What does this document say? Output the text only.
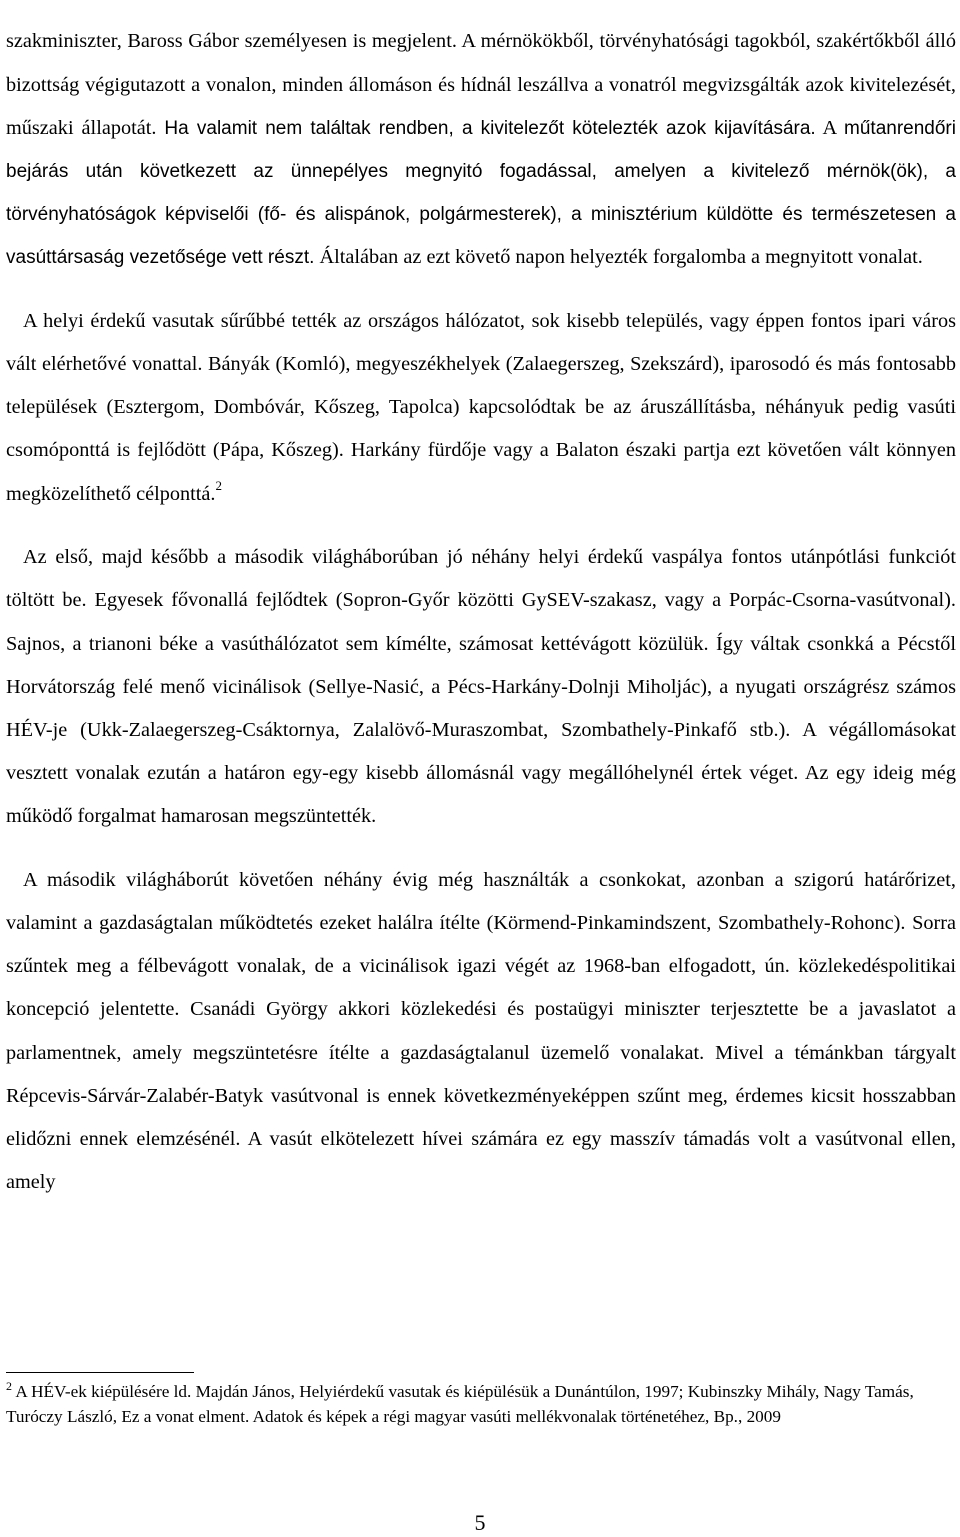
szakminiszter, Baross Gábor személyesen is megjelent. A mérnökökből, törvényhatósági tagokból, szakértőkből álló bizottság végigutazott a vonalon, minden állomáson és hídnál leszállva a vonatról megvizsgálták azok kivitelezését, műszaki állapotát. Ha valamit nem találtak rendben, a kivitelezőt kötelezték azok kijavítására. A műtanrendőri bejárás után következett az ünnepélyes megnyitó fogadással, amelyen a kivitelező mérnök(ök), a törvényhatóságok képviselői (fő- és alispánok, polgármesterek), a minisztérium küldötte és természetesen a vasúttársaság vezetősége vett részt. Általában az ezt követő napon helyezték forgalomba a megnyitott vonalat.

A helyi érdekű vasutak sűrűbbé tették az országos hálózatot, sok kisebb település, vagy éppen fontos ipari város vált elérhetővé vonattal. Bányák (Komló), megyeszékhelyek (Zalaegerszeg, Szekszárd), iparosodó és más fontosabb települések (Esztergom, Dombóvár, Kőszeg, Tapolca) kapcsolódtak be az áruszállításba, néhányuk pedig vasúti csomóponttá is fejlődött (Pápa, Kőszeg). Harkány fürdője vagy a Balaton északi partja ezt követően vált könnyen megközelíthető célponttá.$^2$

Az első, majd később a második világháborúban jó néhány helyi érdekű vaspálya fontos utánpótlási funkciót töltött be. Egyesek fővonallá fejlődtek (Sopron-Győr közötti GySEV-szakasz, vagy a Porpác-Csorna-vasútvonal). Sajnos, a trianoni béke a vasúthálózatot sem kímélte, számosat kettévágott közülük. Így váltak csonkká a Pécstől Horvátország felé menő vicinálisok (Sellye-Nasić, a Pécs-Harkány-Dolnji Miholjác), a nyugati országrész számos HÉV-je (Ukk-Zalaegerszeg-Csáktornya, Zalalövő-Muraszombat, Szombathely-Pinkafő stb.). A végállomásokat vesztett vonalak ezután a határon egy-egy kisebb állomásnál vagy megállóhelynél értek véget. Az egy ideig még működő forgalmat hamarosan megszüntették.

A második világháborút követően néhány évig még használták a csonkokat, azonban a szigorú határőrizet, valamint a gazdaságtalan működtetés ezeket halálra ítélte (Körmend-Pinkamindszent, Szombathely-Rohonc). Sorra szűntek meg a félbevágott vonalak, de a vicinálisok igazi végét az 1968-ban elfogadott, ún. közlekedéspolitikai koncepció jelentette. Csanádi György akkori közlekedési és postaügyi miniszter terjesztette be a javaslatot a parlamentnek, amely megszüntetésre ítélte a gazdaságtalanul üzemelő vonalakat. Mivel a témánkban tárgyalt Répcevis-Sárvár-Zalabér-Batyk vasútvonal is ennek következményeképpen szűnt meg, érdemes kicsit hosszabban elidőzni ennek elemzésénél. A vasút elkötelezett hívei számára ez egy masszív támadás volt a vasútvonal ellen, amely

$^2$ A HÉV-ek kiépülésére ld. Majdán János, Helyiérdekű vasutak és kiépülésük a Dunántúlon, 1997; Kubinszky Mihály, Nagy Tamás, Turóczy László, Ez a vonat elment. Adatok és képek a régi magyar vasúti mellékvonalak történetéhez, Bp., 2009

5
